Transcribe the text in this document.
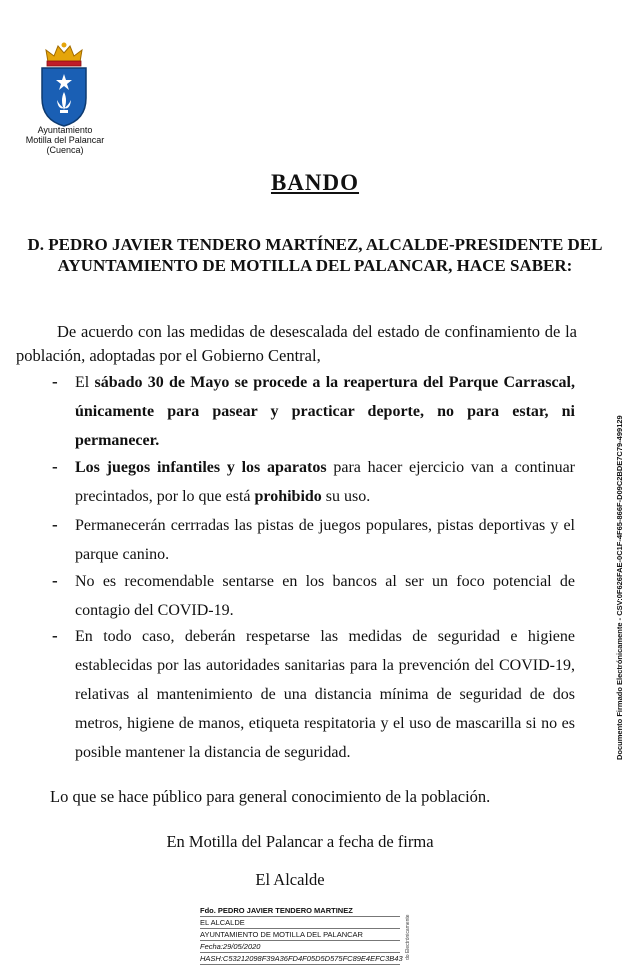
Ayuntamiento
Motilla del Palancar
(Cuenca)
BANDO
D. PEDRO JAVIER TENDERO MARTÍNEZ, ALCALDE-PRESIDENTE DEL
AYUNTAMIENTO DE MOTILLA DEL PALANCAR, HACE SABER:
De acuerdo con las medidas de desescalada del estado de confinamiento de la
población, adoptadas por el Gobierno Central,
- El sábado 30 de Mayo se procede a la reapertura del Parque Carrascal,
únicamente para pasear y practicar deporte, no para estar, ni
permanecer.
- Los juegos infantiles y los aparatos para hacer ejercicio van a continuar
precintados, por lo que está prohibido su uso.
- Permanecerán cerrradas las pistas de juegos populares, pistas deportivas y el
parque canino.
- No es recomendable sentarse en los bancos al ser un foco potencial de
contagio del COVID-19.
- En todo caso, deberán respetarse las medidas de seguridad e higiene
establecidas por las autoridades sanitarias para la prevención del COVID-19,
relativas al mantenimiento de una distancia mínima de seguridad de dos
metros, higiene de manos, etiqueta respitatoria y el uso de mascarilla si no es
posible mantener la distancia de seguridad.
Lo que se hace público para general conocimiento de la población.
En Motilla del Palancar a fecha de firma
El Alcalde
Documento Firmado Electrónicamente - CSV:0F626FAE-0C1F-4F65-866F-D09C2BDE7C79-499129
Fdo. PEDRO JAVIER TENDERO MARTINEZ
EL ALCALDE
AYUNTAMIENTO DE MOTILLA DEL PALANCAR
Fecha:29/05/2020
HASH:C53212098F39A36FD4F05D5D575FC89E4EFC3B43 do Electrónicamente
